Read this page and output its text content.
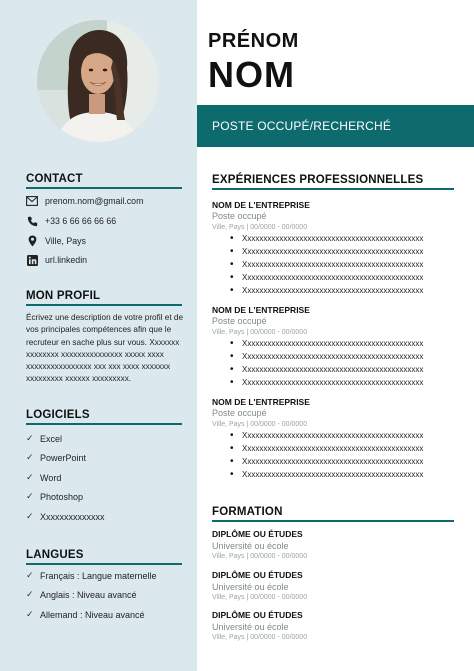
POSTE OCCUPÉ/RECHERCHÉ
PRÉNOM
NOM
CONTACT
prenom.nom@gmail.com
+33 6 66 66 66 66
Ville, Pays
url.linkedin
MON PROFIL
Écrivez une description de votre profil et de vos principales compétences afin que le recruteur en sache plus sur vous. Xxxxxxx xxxxxxxx xxxxxxxxxxxxxxx xxxxx xxxx xxxxxxxxxxxxxxxx xxx xxx xxxx xxxxxxx xxxxxxxxx xxxxxx xxxxxxxxx.
LOGICIELS
✓ Excel
✓ PowerPoint
✓ Word
✓ Photoshop
✓ Xxxxxxxxxxxxxx
LANGUES
✓ Français : Langue maternelle
✓ Anglais : Niveau avancé
✓ Allemand : Niveau avancé
EXPÉRIENCES PROFESSIONNELLES
NOM DE L'ENTREPRISE
Poste occupé
Ville, Pays | 00/0000 - 00/0000
• Xxxxxxxxxxxxxxxxxxxxxxxxxxxxxxxxxxxxxxxxxxxxx
• Xxxxxxxxxxxxxxxxxxxxxxxxxxxxxxxxxxxxxxxxxxxxx
• Xxxxxxxxxxxxxxxxxxxxxxxxxxxxxxxxxxxxxxxxxxxxx
• Xxxxxxxxxxxxxxxxxxxxxxxxxxxxxxxxxxxxxxxxxxxxx
• Xxxxxxxxxxxxxxxxxxxxxxxxxxxxxxxxxxxxxxxxxxxxx
NOM DE L'ENTREPRISE
Poste occupé
Ville, Pays | 00/0000 - 00/0000
• Xxxxxxxxxxxxxxxxxxxxxxxxxxxxxxxxxxxxxxxxxxxxx
• Xxxxxxxxxxxxxxxxxxxxxxxxxxxxxxxxxxxxxxxxxxxxx
• Xxxxxxxxxxxxxxxxxxxxxxxxxxxxxxxxxxxxxxxxxxxxx
• Xxxxxxxxxxxxxxxxxxxxxxxxxxxxxxxxxxxxxxxxxxxxx
NOM DE L'ENTREPRISE
Poste occupé
Ville, Pays | 00/0000 - 00/0000
• Xxxxxxxxxxxxxxxxxxxxxxxxxxxxxxxxxxxxxxxxxxxxx
• Xxxxxxxxxxxxxxxxxxxxxxxxxxxxxxxxxxxxxxxxxxxxx
• Xxxxxxxxxxxxxxxxxxxxxxxxxxxxxxxxxxxxxxxxxxxxx
• Xxxxxxxxxxxxxxxxxxxxxxxxxxxxxxxxxxxxxxxxxxxxx
FORMATION
DIPLÔME OU ÉTUDES
Université ou école
Ville, Pays | 00/0000 - 00/0000
DIPLÔME OU ÉTUDES
Université ou école
Ville, Pays | 00/0000 - 00/0000
DIPLÔME OU ÉTUDES
Université ou école
Ville, Pays | 00/0000 - 00/0000
